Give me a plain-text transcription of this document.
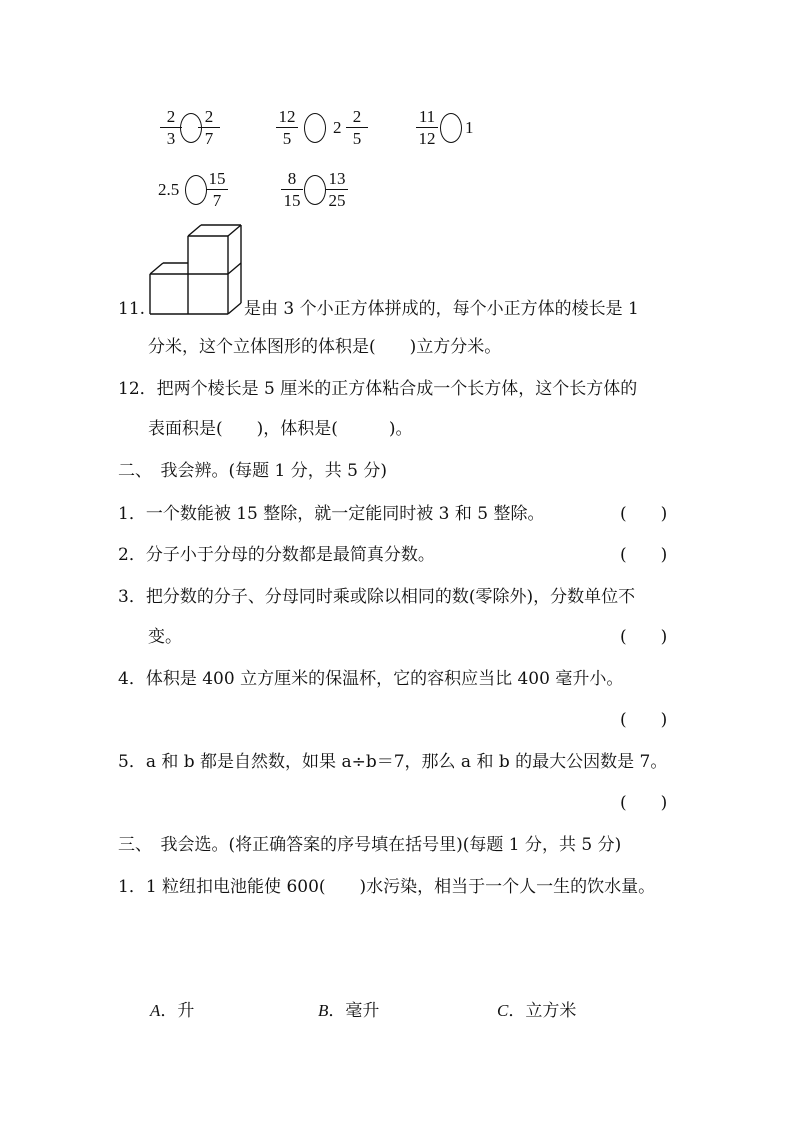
$\frac{2}{3} \frac{2}{7}$	$\frac{12}{5} 2 \frac{2}{5}$	$\frac{11}{12} 1$
$2.5 \frac{15}{7}$	$\frac{8}{15} \frac{13}{25}$
11.	是由 3 个小正方体拼成的，每个小正方体的棱长是 1
分米，这个立体图形的体积是(　　)立方分米。
12．把两个棱长是 5 厘米的正方体粘合成一个长方体，这个长方体的
表面积是(　　)，体积是(　　　)。
二、　我会辨。(每题 1 分，共 5 分)
1．一个数能被 15 整除，就一定能同时被 3 和 5 整除。	(　　)
2．分子小于分母的分数都是最简真分数。	(　　)
3．把分数的分子、分母同时乘或除以相同的数(零除外)，分数单位不
变。	(　　)
4．体积是 400 立方厘米的保温杯，它的容积应当比 400 毫升小。
(　　)
5．a 和 b 都是自然数，如果 a÷b＝7，那么 a 和 b 的最大公因数是 7。
(　　)
三、　我会选。(将正确答案的序号填在括号里)(每题 1 分，共 5 分)
1．1 粒纽扣电池能使 600(　　)水污染，相当于一个人一生的饮水量。
A．升	B．毫升	C．立方米
